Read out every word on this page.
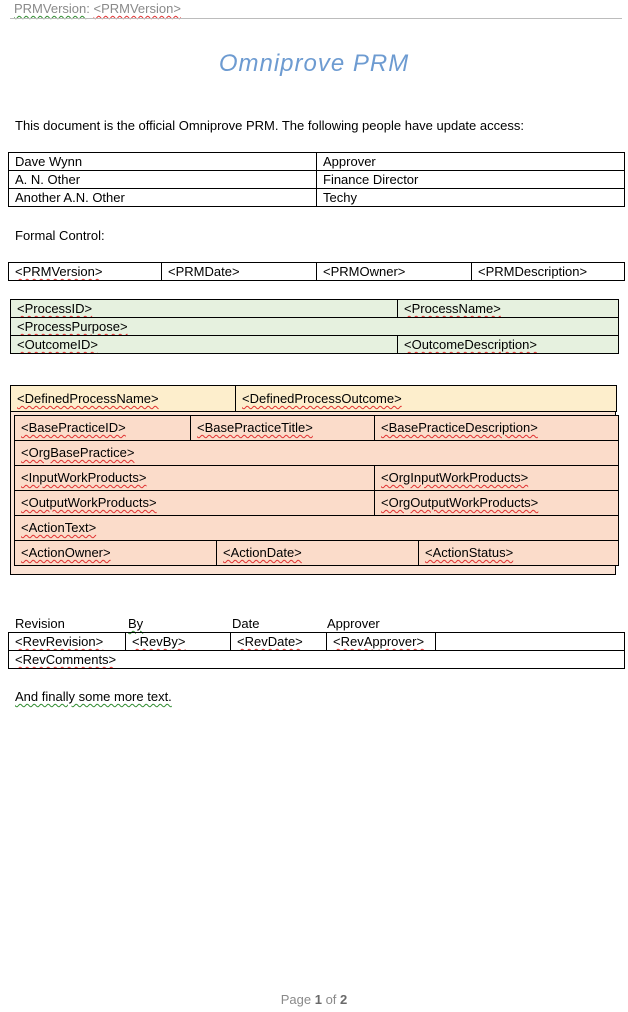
PRMVersion: <PRMVersion>
Omniprove PRM
This document is the official Omniprove PRM. The following people have update access:
Dave Wynn	Approver
A. N. Other	Finance Director
Another A.N. Other	Techy
Formal Control:
<PRMVersion>	<PRMDate>	<PRMOwner>	<PRMDescription>
<ProcessID>	<ProcessName>
<ProcessPurpose>	
<OutcomeID>	<OutcomeDescription>
<DefinedProcessName>	<DefinedProcessOutcome>
<BasePracticeID>	<BasePracticeTitle>		<BasePracticeDescription>	
<OrgBasePractice>				
<InputWorkProducts>			<OrgInputWorkProducts>	
<OutputWorkProducts>			<OrgOutputWorkProducts>	
<ActionText>				
<ActionOwner>		<ActionDate>		<ActionStatus>
Revision	By	Date	Approver
<RevRevision>	<RevBy>	<RevDate>	<RevApprover>	
<RevComments>
And finally some more text.
Page 1 of 2
